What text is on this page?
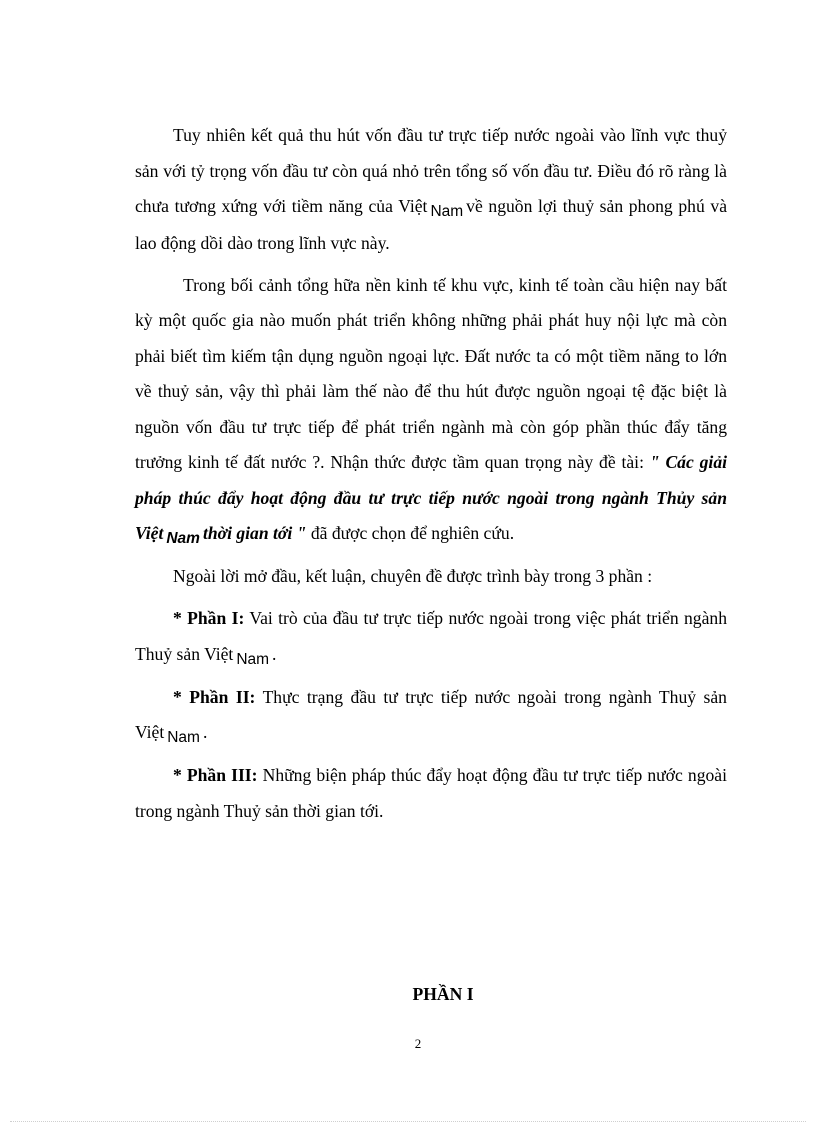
Tuy nhiên kết quả thu hút vốn đầu tư trực tiếp nước ngoài vào lĩnh vực thuỷ sản với tỷ trọng vốn đầu tư còn quá nhỏ trên tổng số vốn đầu tư. Điều đó rõ ràng là chưa tương xứng với tiềm năng của Việt Nam về nguồn lợi thuỷ sản phong phú và lao động dồi dào trong lĩnh vực này.

Trong bối cảnh tổng hữa nền kinh tế khu vực, kinh tế toàn cầu hiện nay bất kỳ một quốc gia nào muốn phát triển không những phải phát huy nội lực mà còn phải biết tìm kiếm tận dụng nguồn ngoại lực. Đất nước ta có một tiềm năng to lớn về thuỷ sản, vậy thì phải làm thế nào để thu hút được nguồn ngoại tệ đặc biệt là nguồn vốn đầu tư trực tiếp để phát triển ngành mà còn góp phần thúc đẩy tăng trưởng kinh tế đất nước ?. Nhận thức được tầm quan trọng này đề tài: " Các giải pháp thúc đẩy hoạt động đầu tư trực tiếp nước ngoài trong ngành Thủy sản Việt Nam thời gian tới " đã được chọn để nghiên cứu.

Ngoài lời mở đầu, kết luận, chuyên đề được trình bày trong 3 phần :

* Phần I: Vai trò của đầu tư trực tiếp nước ngoài trong việc phát triển ngành Thuỷ sản Việt Nam .

* Phần II: Thực trạng đầu tư trực tiếp nước ngoài trong ngành Thuỷ sản Việt Nam .

* Phần III: Những biện pháp thúc đẩy hoạt động đầu tư trực tiếp nước ngoài trong ngành Thuỷ sản thời gian tới.

PHẦN I
2
